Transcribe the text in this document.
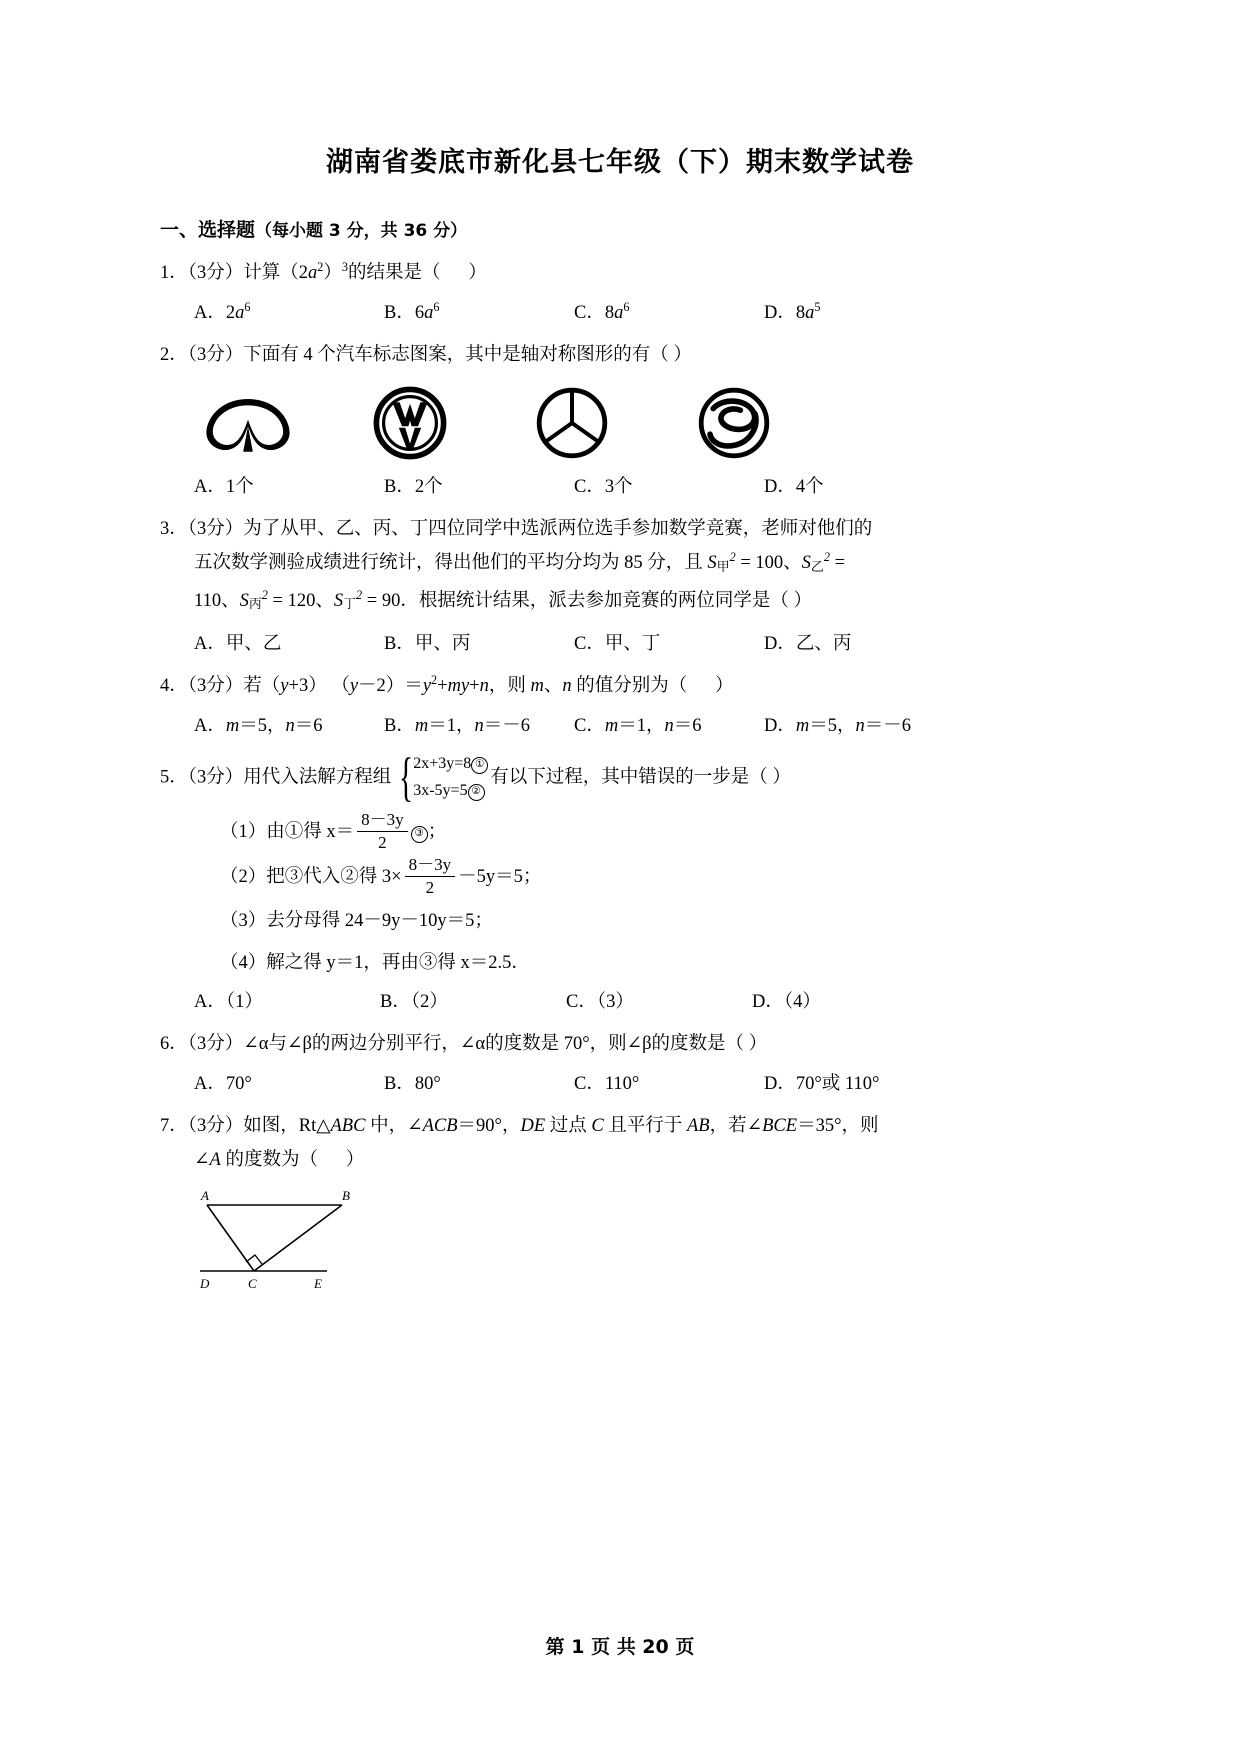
湖南省娄底市新化县七年级（下）期末数学试卷
一、选择题（每小题 3 分，共 36 分）
1．（3分）计算$(2a^2)^3$的结果是（      ）
A．$2a^6$	B．$6a^6$	C．$8a^6$	D．$8a^5$
2．（3分）下面有 4 个汽车标志图案，其中是轴对称图形的有（ ）
A．1个	B．2个	C．3个	D．4个
3．（3分）为了从甲、乙、丙、丁四位同学中选派两位选手参加数学竞赛，老师对他们的
五次数学测验成绩进行统计，得出他们的平均分均为 85 分，且 S甲$^2$ = 100、S乙$^2$ =
110、S丙$^2$ = 120、S丁$^2$ = 90．根据统计结果，派去参加竞赛的两位同学是（ ）
A．甲、乙	B．甲、丙	C．甲、丁	D．乙、丙
4．（3分）若（y+3） $(y-2)=y^2+my+n$，则 m、n 的值分别为（      ）
A．m＝5，n＝6	B．m＝1，n＝－6	C．m＝1，n＝6	D．m＝5，n＝－6
5．（3分）用代入法解方程组 { 2x+3y=8 ①
3x-5y=5 ②
有以下过程，其中错误的一步是（ ）
（1）由①得 $x= \frac{8-3y}{2}$ ③ ；
（2）把③代入②得 $3\times \frac{8-3y}{2} -5y=5$；
（3）去分母得 24－9y－10y＝5；
（4）解之得 y＝1，再由③得 x＝2.5．
A．（1）	B．（2）	C．（3）	D．（4）
6．（3分）∠α与∠β的两边分别平行，∠α的度数是 70°，则∠β的度数是（ ）
A．70°	B．80°	C．110°	D．70°或 110°
7．（3分）如图，Rt△ABC 中，∠ACB＝90°，DE 过点 C 且平行于 AB，若∠BCE＝35°，则
∠A 的度数为（      ）
A	B
C
D	E
第 1 页 共 20 页
